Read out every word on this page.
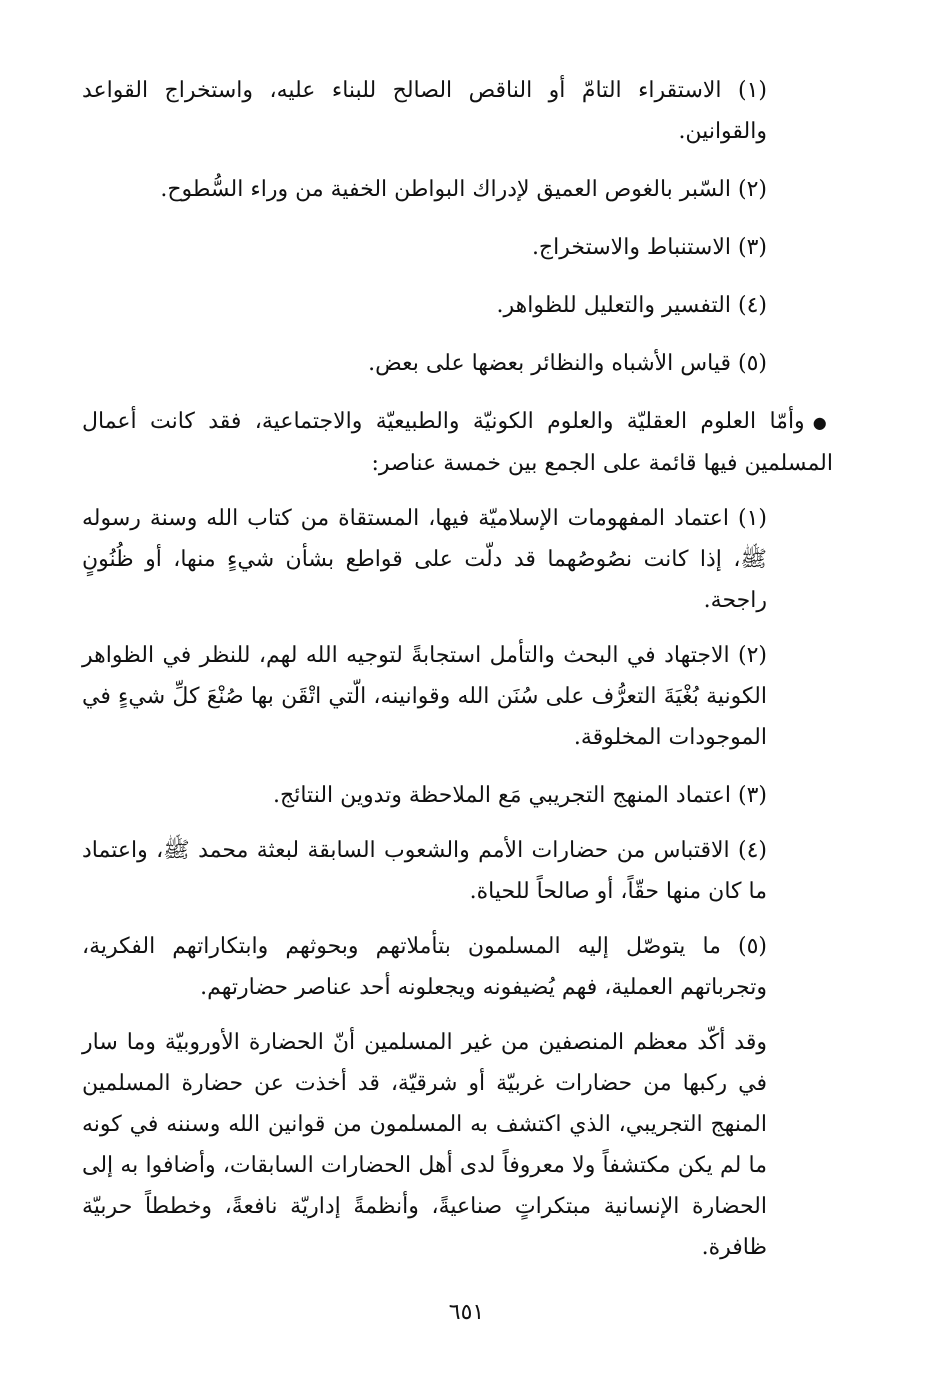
(١) الاستقراء التامّ أو الناقص الصالح للبناء عليه، واستخراج القواعد والقوانين.

(٢) السّبر بالغوص العميق لإدراك البواطن الخفية من وراء السُّطوح.

(٣) الاستنباط والاستخراج.

(٤) التفسير والتعليل للظواهر.

(٥) قياس الأشباه والنظائر بعضها على بعض.

●وأمّا العلوم العقليّة والعلوم الكونيّة والطبيعيّة والاجتماعية، فقد كانت أعمال المسلمين فيها قائمة على الجمع بين خمسة عناصر:

(١) اعتماد المفهومات الإسلاميّة فيها، المستقاة من كتاب الله وسنة رسوله ﷺ، إذا كانت نصُوصُهما قد دلّت على قواطع بشأن شيءٍ منها، أو ظُنُونٍ راجحة.

(٢) الاجتهاد في البحث والتأمل استجابةً لتوجيه الله لهم، للنظر في الظواهر الكونية بُغْيَةَ التعرُّف على سُنَن الله وقوانينه، الّتي اتْقَن بها صُنْعَ كلِّ شيءٍ في الموجودات المخلوقة.

(٣) اعتماد المنهج التجريبي مَع الملاحظة وتدوين النتائج.

(٤) الاقتباس من حضارات الأمم والشعوب السابقة لبعثة محمد ﷺ، واعتماد ما كان منها حقّاً، أو صالحاً للحياة.

(٥) ما يتوصّل إليه المسلمون بتأملاتهم وبحوثهم وابتكاراتهم الفكرية، وتجرباتهم العملية، فهم يُضيفونه ويجعلونه أحد عناصر حضارتهم.

وقد أكّد معظم المنصفين من غير المسلمين أنّ الحضارة الأوروبيّة وما سار في ركبها من حضارات غربيّة أو شرقيّة، قد أخذت عن حضارة المسلمين المنهج التجريبي، الذي اكتشف به المسلمون من قوانين الله وسننه في كونه ما لم يكن مكتشفاً ولا معروفاً لدى أهل الحضارات السابقات، وأضافوا به إلى الحضارة الإنسانية مبتكراتٍ صناعيةً، وأنظمةً إداريّة نافعةً، وخططاً حربيّة ظافرة.

٦٥١
